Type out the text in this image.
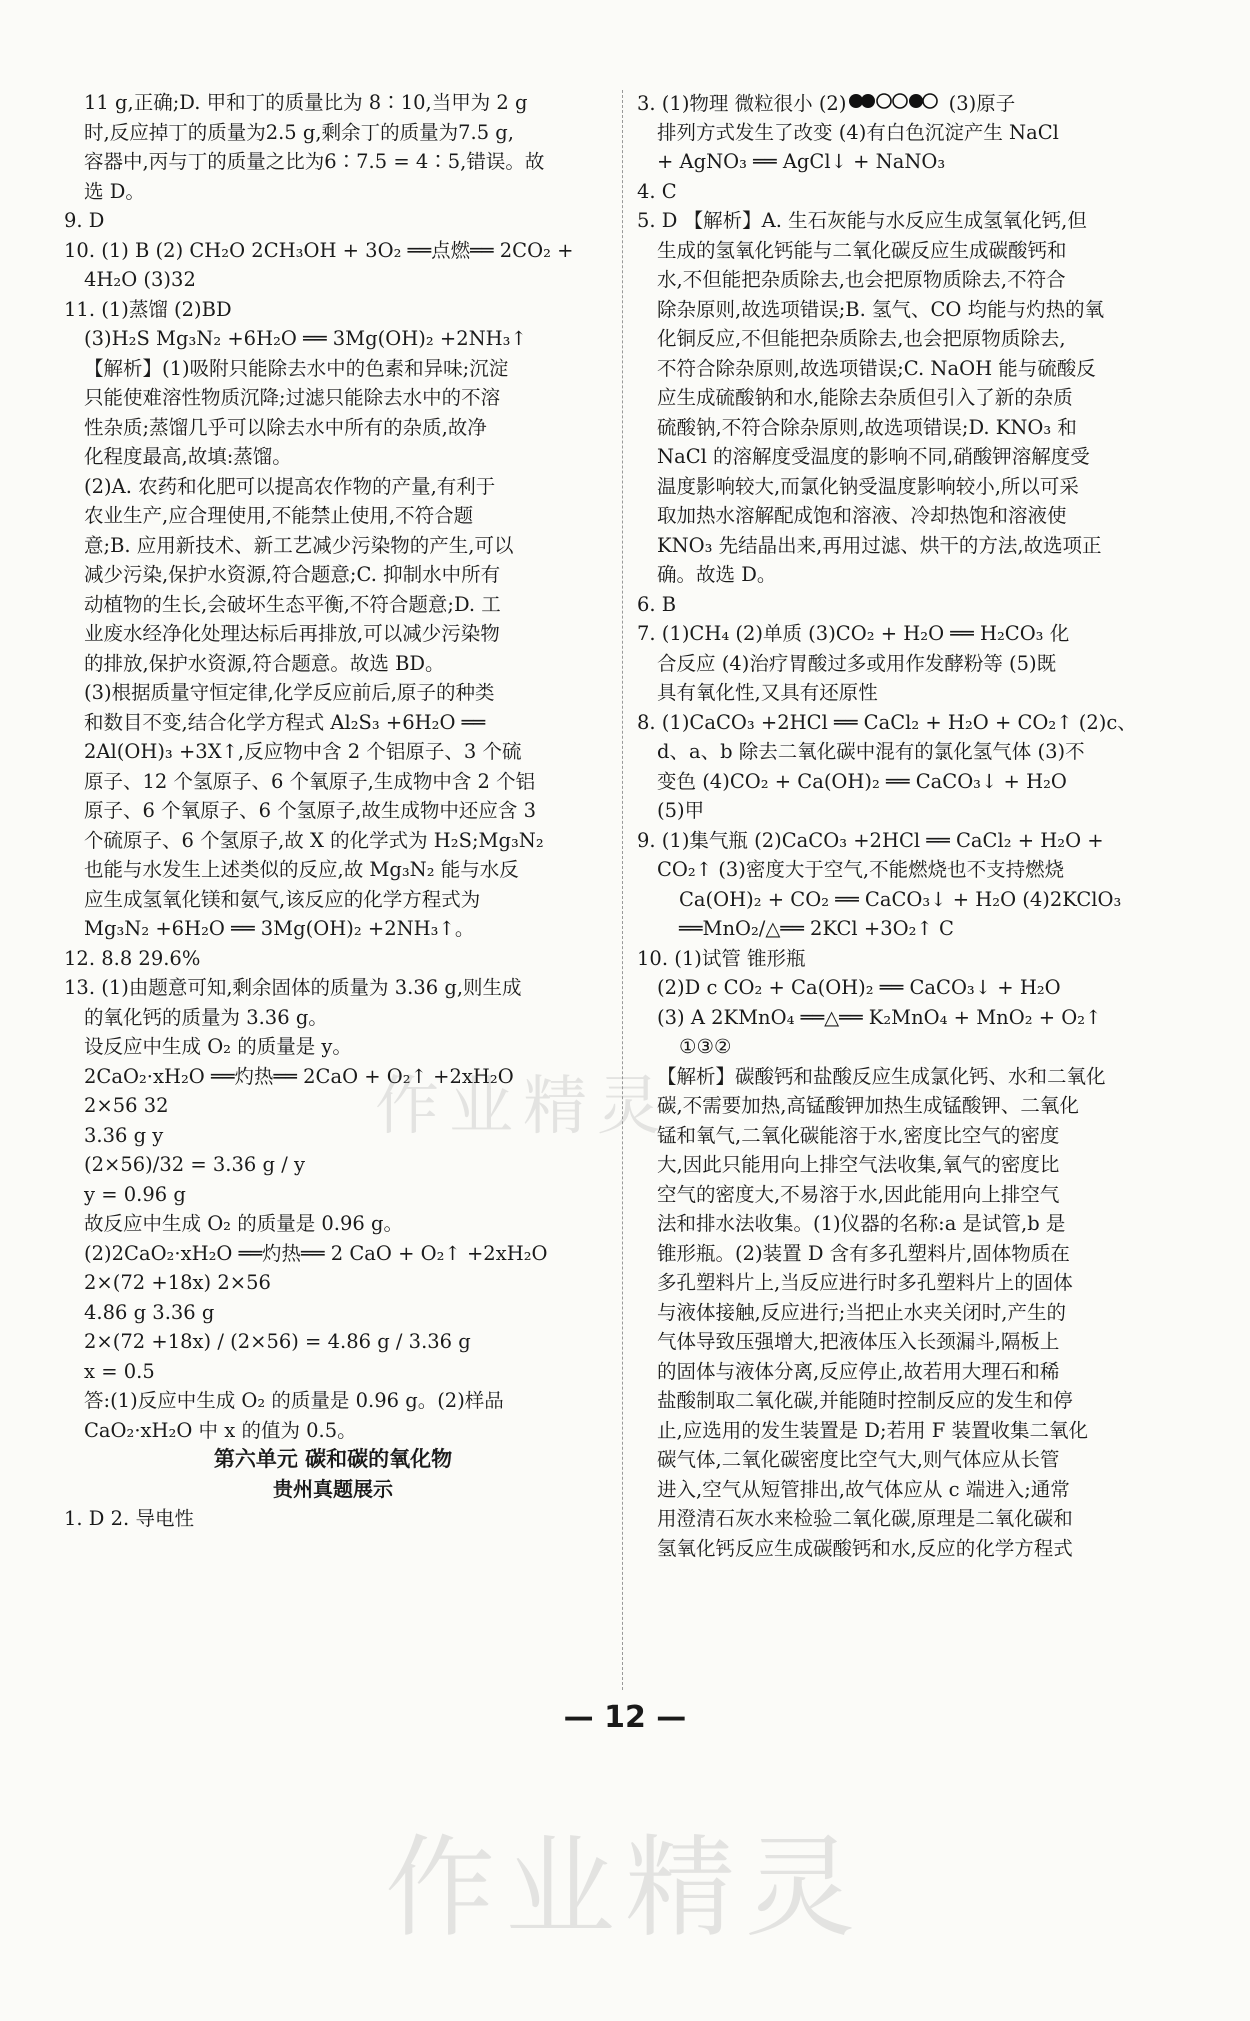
11 g,正确;D. 甲和丁的质量比为 8∶10,当甲为 2 g
时,反应掉丁的质量为2.5 g,剩余丁的质量为7.5 g,
容器中,丙与丁的质量之比为6∶7.5 = 4∶5,错误。故
选 D。
9. D
10. (1) B (2) CH₂O 2CH₃OH + 3O₂ ══点燃══ 2CO₂ +
4H₂O (3)32
11. (1)蒸馏 (2)BD
(3)H₂S Mg₃N₂ +6H₂O ══ 3Mg(OH)₂ +2NH₃↑
【解析】(1)吸附只能除去水中的色素和异味;沉淀
只能使难溶性物质沉降;过滤只能除去水中的不溶
性杂质;蒸馏几乎可以除去水中所有的杂质,故净
化程度最高,故填:蒸馏。
(2)A. 农药和化肥可以提高农作物的产量,有利于
农业生产,应合理使用,不能禁止使用,不符合题
意;B. 应用新技术、新工艺减少污染物的产生,可以
减少污染,保护水资源,符合题意;C. 抑制水中所有
动植物的生长,会破坏生态平衡,不符合题意;D. 工
业废水经净化处理达标后再排放,可以减少污染物
的排放,保护水资源,符合题意。故选 BD。
(3)根据质量守恒定律,化学反应前后,原子的种类
和数目不变,结合化学方程式 Al₂S₃ +6H₂O ══
2Al(OH)₃ +3X↑,反应物中含 2 个铝原子、3 个硫
原子、12 个氢原子、6 个氧原子,生成物中含 2 个铝
原子、6 个氧原子、6 个氢原子,故生成物中还应含 3
个硫原子、6 个氢原子,故 X 的化学式为 H₂S;Mg₃N₂
也能与水发生上述类似的反应,故 Mg₃N₂ 能与水反
应生成氢氧化镁和氨气,该反应的化学方程式为
Mg₃N₂ +6H₂O ══ 3Mg(OH)₂ +2NH₃↑。
12. 8.8 29.6%
13. (1)由题意可知,剩余固体的质量为 3.36 g,则生成
的氧化钙的质量为 3.36 g。
设反应中生成 O₂ 的质量是 y。
2CaO₂·xH₂O ══灼热══ 2CaO + O₂↑ +2xH₂O
2×56 32
3.36 g y
(2×56)/32 = 3.36 g / y
y = 0.96 g
故反应中生成 O₂ 的质量是 0.96 g。
(2)2CaO₂·xH₂O ══灼热══ 2 CaO + O₂↑ +2xH₂O
2×(72 +18x) 2×56
4.86 g 3.36 g
2×(72 +18x) / (2×56) = 4.86 g / 3.36 g
x = 0.5
答:(1)反应中生成 O₂ 的质量是 0.96 g。(2)样品
CaO₂·xH₂O 中 x 的值为 0.5。
第六单元 碳和碳的氧化物
贵州真题展示
1. D 2. 导电性
3. (1)物理 微粒很小 (2)	(3)原子
排列方式发生了改变 (4)有白色沉淀产生 NaCl
+ AgNO₃ ══ AgCl↓ + NaNO₃
4. C
5. D 【解析】A. 生石灰能与水反应生成氢氧化钙,但
生成的氢氧化钙能与二氧化碳反应生成碳酸钙和
水,不但能把杂质除去,也会把原物质除去,不符合
除杂原则,故选项错误;B. 氢气、CO 均能与灼热的氧
化铜反应,不但能把杂质除去,也会把原物质除去,
不符合除杂原则,故选项错误;C. NaOH 能与硫酸反
应生成硫酸钠和水,能除去杂质但引入了新的杂质
硫酸钠,不符合除杂原则,故选项错误;D. KNO₃ 和
NaCl 的溶解度受温度的影响不同,硝酸钾溶解度受
温度影响较大,而氯化钠受温度影响较小,所以可采
取加热水溶解配成饱和溶液、冷却热饱和溶液使
KNO₃ 先结晶出来,再用过滤、烘干的方法,故选项正
确。故选 D。
6. B
7. (1)CH₄ (2)单质 (3)CO₂ + H₂O ══ H₂CO₃ 化
合反应 (4)治疗胃酸过多或用作发酵粉等 (5)既
具有氧化性,又具有还原性
8. (1)CaCO₃ +2HCl ══ CaCl₂ + H₂O + CO₂↑ (2)c、
d、a、b 除去二氧化碳中混有的氯化氢气体 (3)不
变色 (4)CO₂ + Ca(OH)₂ ══ CaCO₃↓ + H₂O
(5)甲
9. (1)集气瓶 (2)CaCO₃ +2HCl ══ CaCl₂ + H₂O +
CO₂↑ (3)密度大于空气,不能燃烧也不支持燃烧
Ca(OH)₂ + CO₂ ══ CaCO₃↓ + H₂O (4)2KClO₃
══MnO₂/△══ 2KCl +3O₂↑ C
10. (1)试管 锥形瓶
(2)D c CO₂ + Ca(OH)₂ ══ CaCO₃↓ + H₂O
(3) A 2KMnO₄ ══△══ K₂MnO₄ + MnO₂ + O₂↑
①③②
【解析】碳酸钙和盐酸反应生成氯化钙、水和二氧化
碳,不需要加热,高锰酸钾加热生成锰酸钾、二氧化
锰和氧气,二氧化碳能溶于水,密度比空气的密度
大,因此只能用向上排空气法收集,氧气的密度比
空气的密度大,不易溶于水,因此能用向上排空气
法和排水法收集。(1)仪器的名称:a 是试管,b 是
锥形瓶。(2)装置 D 含有多孔塑料片,固体物质在
多孔塑料片上,当反应进行时多孔塑料片上的固体
与液体接触,反应进行;当把止水夹关闭时,产生的
气体导致压强增大,把液体压入长颈漏斗,隔板上
的固体与液体分离,反应停止,故若用大理石和稀
盐酸制取二氧化碳,并能随时控制反应的发生和停
止,应选用的发生装置是 D;若用 F 装置收集二氧化
碳气体,二氧化碳密度比空气大,则气体应从长管
进入,空气从短管排出,故气体应从 c 端进入;通常
用澄清石灰水来检验二氧化碳,原理是二氧化碳和
氢氧化钙反应生成碳酸钙和水,反应的化学方程式
— 12 —
作业精灵
作业精灵
